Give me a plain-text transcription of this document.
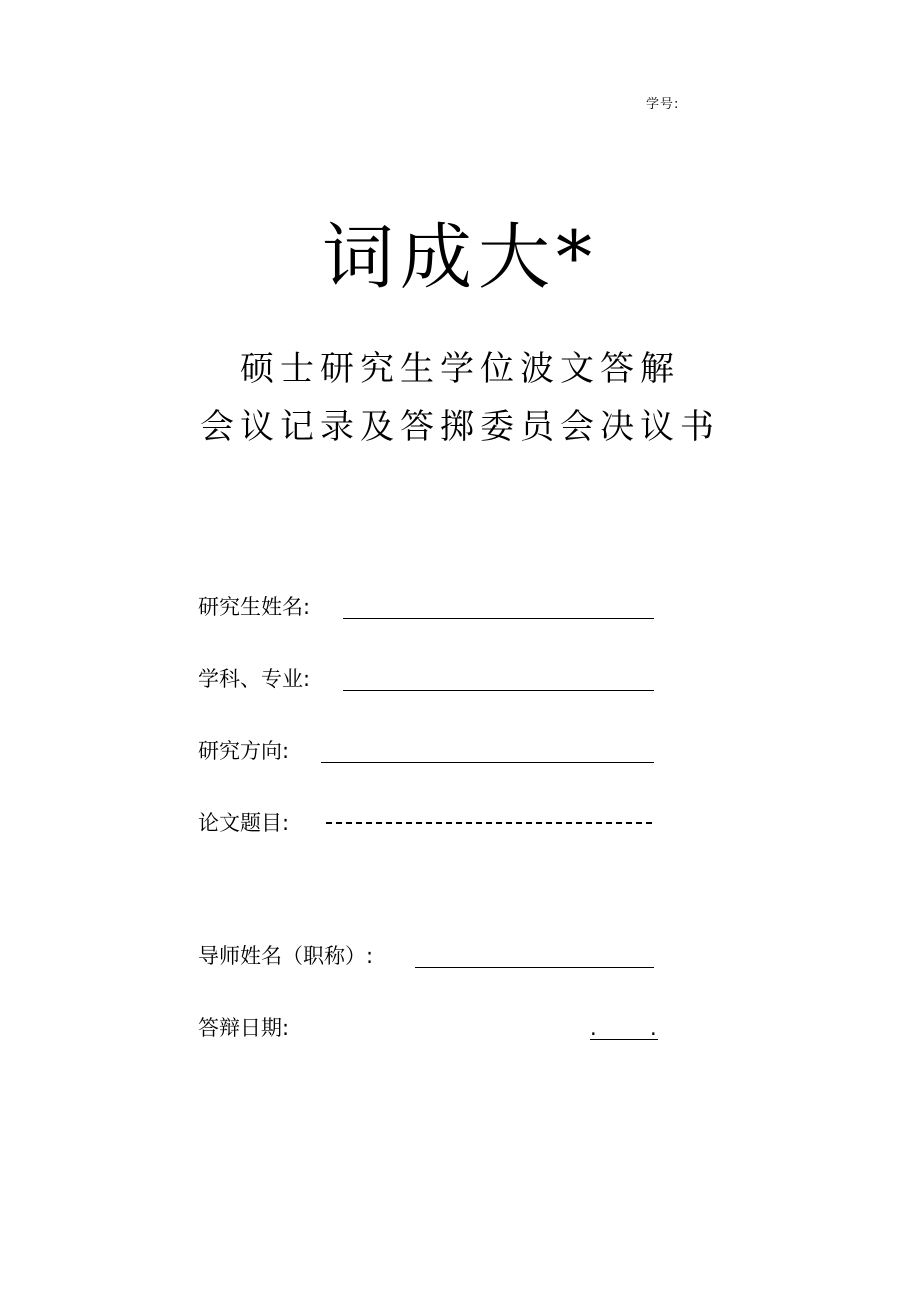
学号:
词成大*
硕士研究生学位波文答解
会议记录及答掷委员会决议书
研究生姓名:
学科、专业:
研究方向:
论文题目:
导师姓名（职称）:
答辩日期:	.	.
